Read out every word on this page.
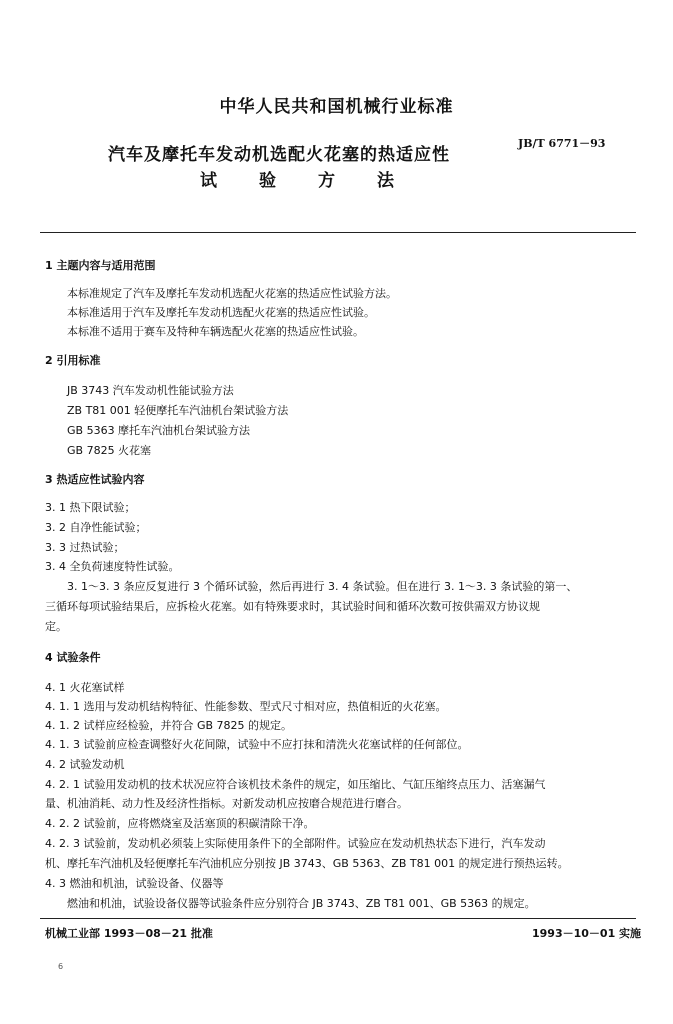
中华人民共和国机械行业标准
汽车及摩托车发动机选配火花塞的热适应性
试 验 方 法
JB/T 6771－93
1 主题内容与适用范围
本标准规定了汽车及摩托车发动机选配火花塞的热适应性试验方法。
本标准适用于汽车及摩托车发动机选配火花塞的热适应性试验。
本标准不适用于赛车及特种车辆选配火花塞的热适应性试验。
2 引用标准
JB 3743 汽车发动机性能试验方法
ZB T81 001 轻便摩托车汽油机台架试验方法
GB 5363 摩托车汽油机台架试验方法
GB 7825 火花塞
3 热适应性试验内容
3. 1 热下限试验；
3. 2 自净性能试验；
3. 3 过热试验；
3. 4 全负荷速度特性试验。
3. 1～3. 3 条应反复进行 3 个循环试验，然后再进行 3. 4 条试验。但在进行 3. 1～3. 3 条试验的第一、
三循环每项试验结果后，应拆检火花塞。如有特殊要求时，其试验时间和循环次数可按供需双方协议规
定。
4 试验条件
4. 1 火花塞试样
4. 1. 1 选用与发动机结构特征、性能参数、型式尺寸相对应，热值相近的火花塞。
4. 1. 2 试样应经检验，并符合 GB 7825 的规定。
4. 1. 3 试验前应检查调整好火花间隙，试验中不应打抹和清洗火花塞试样的任何部位。
4. 2 试验发动机
4. 2. 1 试验用发动机的技术状况应符合该机技术条件的规定，如压缩比、气缸压缩终点压力、活塞漏气
量、机油消耗、动力性及经济性指标。对新发动机应按磨合规范进行磨合。
4. 2. 2 试验前，应将燃烧室及活塞顶的积碳清除干净。
4. 2. 3 试验前，发动机必须装上实际使用条件下的全部附件。试验应在发动机热状态下进行，汽车发动
机、摩托车汽油机及轻便摩托车汽油机应分别按 JB 3743、GB 5363、ZB T81 001 的规定进行预热运转。
4. 3 燃油和机油，试验设备、仪器等
燃油和机油，试验设备仪器等试验条件应分别符合 JB 3743、ZB T81 001、GB 5363 的规定。
机械工业部 1993－08－21 批准	1993－10－01 实施
6
